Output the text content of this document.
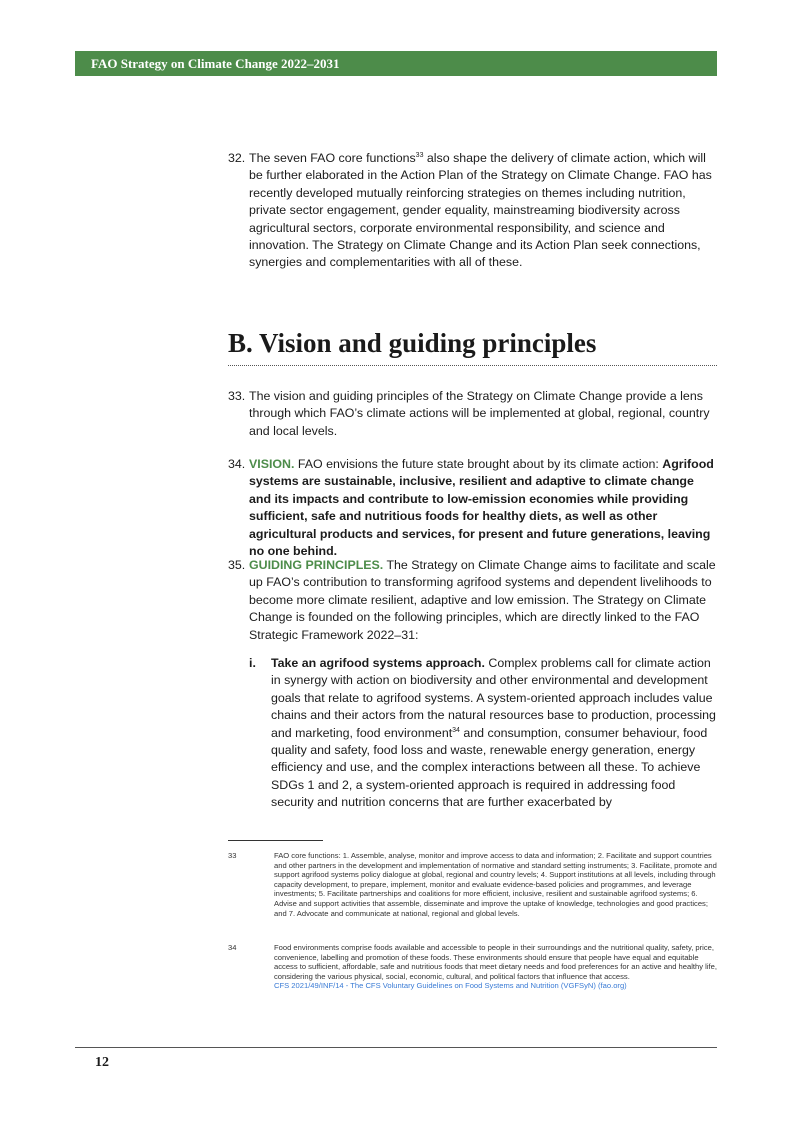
FAO Strategy on Climate Change 2022–2031
32. The seven FAO core functions$^{33}$ also shape the delivery of climate action, which will be further elaborated in the Action Plan of the Strategy on Climate Change. FAO has recently developed mutually reinforcing strategies on themes including nutrition, private sector engagement, gender equality, mainstreaming biodiversity across agricultural sectors, corporate environmental responsibility, and science and innovation. The Strategy on Climate Change and its Action Plan seek connections, synergies and complementarities with all of these.
B. Vision and guiding principles
33. The vision and guiding principles of the Strategy on Climate Change provide a lens through which FAO’s climate actions will be implemented at global, regional, country and local levels.
34. VISION. FAO envisions the future state brought about by its climate action: Agrifood systems are sustainable, inclusive, resilient and adaptive to climate change and its impacts and contribute to low-emission economies while providing sufficient, safe and nutritious foods for healthy diets, as well as other agricultural products and services, for present and future generations, leaving no one behind.
35. GUIDING PRINCIPLES. The Strategy on Climate Change aims to facilitate and scale up FAO’s contribution to transforming agrifood systems and dependent livelihoods to become more climate resilient, adaptive and low emission. The Strategy on Climate Change is founded on the following principles, which are directly linked to the FAO Strategic Framework 2022–31:
i.	Take an agrifood systems approach. Complex problems call for climate action in synergy with action on biodiversity and other environmental and development goals that relate to agrifood systems. A system-oriented approach includes value chains and their actors from the natural resources base to production, processing and marketing, food environment$^{34}$ and consumption, consumer behaviour, food quality and safety, food loss and waste, renewable energy generation, energy efficiency and use, and the complex interactions between all these. To achieve SDGs 1 and 2, a system-oriented approach is required in addressing food security and nutrition concerns that are further exacerbated by
33	FAO core functions: 1. Assemble, analyse, monitor and improve access to data and information; 2. Facilitate and support countries and other partners in the development and implementation of normative and standard setting instruments; 3. Facilitate, promote and support agrifood systems policy dialogue at global, regional and country levels; 4. Support institutions at all levels, including through capacity development, to prepare, implement, monitor and evaluate evidence-based policies and programmes, and leverage investments; 5. Facilitate partnerships and coalitions for more efficient, inclusive, resilient and sustainable agrifood systems; 6. Advise and support activities that assemble, disseminate and improve the uptake of knowledge, technologies and good practices; and 7. Advocate and communicate at national, regional and global levels.
34	Food environments comprise foods available and accessible to people in their surroundings and the nutritional quality, safety, price, convenience, labelling and promotion of these foods. These environments should ensure that people have equal and equitable access to sufficient, affordable, safe and nutritious foods that meet dietary needs and food preferences for an active and healthy life, considering the various physical, social, economic, cultural, and political factors that influence that access.
CFS 2021/49/INF/14 - The CFS Voluntary Guidelines on Food Systems and Nutrition (VGFSyN) (fao.org)
12
